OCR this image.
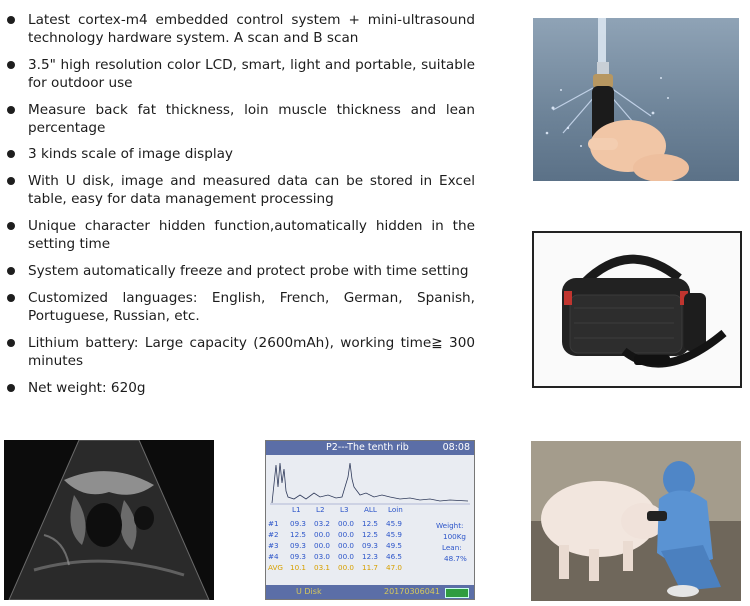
Latest cortex-m4 embedded control system + mini-ultrasound technology hardware system. A scan and B scan
3.5" high resolution color LCD, smart, light and portable, suitable for outdoor use
Measure back fat thickness, loin muscle thickness and lean percentage
3 kinds scale of image display
With U disk, image and measured data can be stored in Excel table, easy for data management processing
Unique character hidden function,automatically hidden in the setting time
System automatically freeze and protect probe with time setting
Customized languages: English, French, German, Spanish, Portuguese, Russian, etc.
Lithium battery: Large capacity (2600mAh), working time≧ 300 minutes
Net weight: 620g
P2---The tenth rib	08:08
L1 L2 L3 ALL Loin
#1 09.3 03.2 00.0 12.5 45.9
#2 12.5 00.0 00.0 12.5 45.9
#3 09.3 00.0 00.0 09.3 49.5
#4 09.3 03.0 00.0 12.3 46.5
AVG 10.1 03.1 00.0 11.7 47.0
Weight:
100Kg
Lean:
48.7%
U Disk	20170306041
